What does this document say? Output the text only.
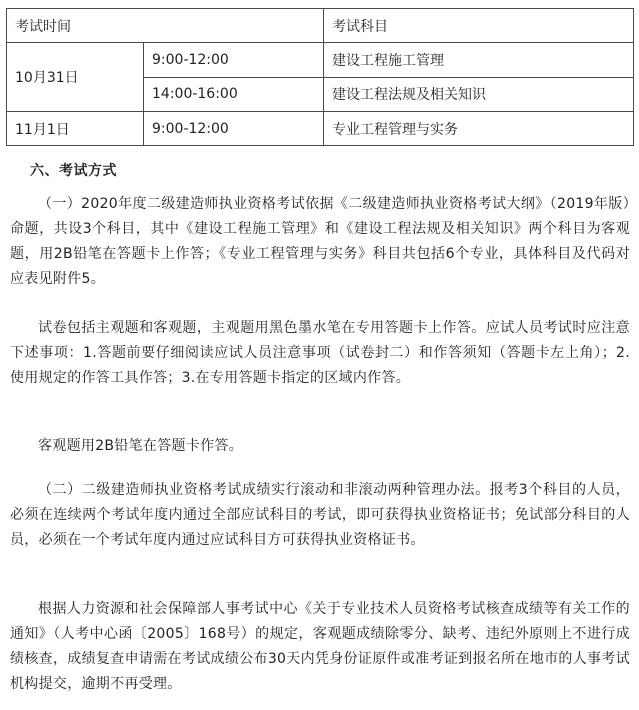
考试时间		考试科目
10月31日	9:00-12:00	建设工程施工管理
	14:00-16:00	建设工程法规及相关知识
11月1日	9:00-12:00	专业工程管理与实务
六、考试方式

（一）2020年度二级建造师执业资格考试依据《二级建造师执业资格考试大纲》（2019年版）命题，共设3个科目，其中《建设工程施工管理》和《建设工程法规及相关知识》两个科目为客观题，用2B铅笔在答题卡上作答；《专业工程管理与实务》科目共包括6个专业，具体科目及代码对应表见附件5。

试卷包括主观题和客观题，主观题用黑色墨水笔在专用答题卡上作答。应试人员考试时应注意下述事项：1.答题前要仔细阅读应试人员注意事项（试卷封二）和作答须知（答题卡左上角）；2.使用规定的作答工具作答；3.在专用答题卡指定的区域内作答。

客观题用2B铅笔在答题卡作答。

（二）二级建造师执业资格考试成绩实行滚动和非滚动两种管理办法。报考3个科目的人员，必须在连续两个考试年度内通过全部应试科目的考试，即可获得执业资格证书；免试部分科目的人员，必须在一个考试年度内通过应试科目方可获得执业资格证书。

根据人力资源和社会保障部人事考试中心《关于专业技术人员资格考试核查成绩等有关工作的通知》（人考中心函〔2005〕168号）的规定，客观题成绩除零分、缺考、违纪外原则上不进行成绩核查，成绩复查申请需在考试成绩公布30天内凭身份证原件或准考证到报名所在地市的人事考试机构提交，逾期不再受理。
